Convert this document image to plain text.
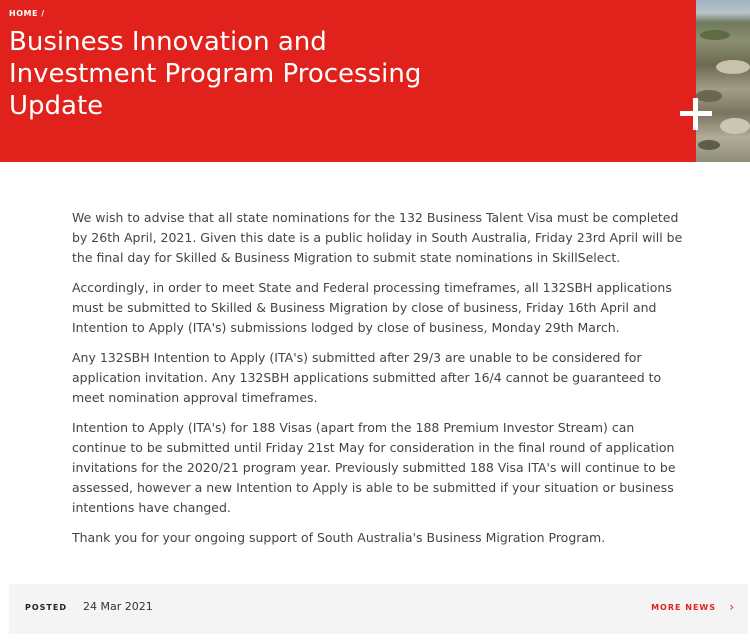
HOME /
Business Innovation and
Investment Program Processing
Update

We wish to advise that all state nominations for the 132 Business Talent Visa must be completed by 26th April, 2021. Given this date is a public holiday in South Australia, Friday 23rd April will be the final day for Skilled & Business Migration to submit state nominations in SkillSelect.

Accordingly, in order to meet State and Federal processing timeframes, all 132SBH applications must be submitted to Skilled & Business Migration by close of business, Friday 16th April and Intention to Apply (ITA's) submissions lodged by close of business, Monday 29th March.

Any 132SBH Intention to Apply (ITA's) submitted after 29/3 are unable to be considered for application invitation. Any 132SBH applications submitted after 16/4 cannot be guaranteed to meet nomination approval timeframes.

Intention to Apply (ITA's) for 188 Visas (apart from the 188 Premium Investor Stream) can continue to be submitted until Friday 21st May for consideration in the final round of application invitations for the 2020/21 program year. Previously submitted 188 Visa ITA's will continue to be assessed, however a new Intention to Apply is able to be submitted if your situation or business intentions have changed.

Thank you for your ongoing support of South Australia's Business Migration Program.

POSTED 24 Mar 2021	MORE NEWS ›
